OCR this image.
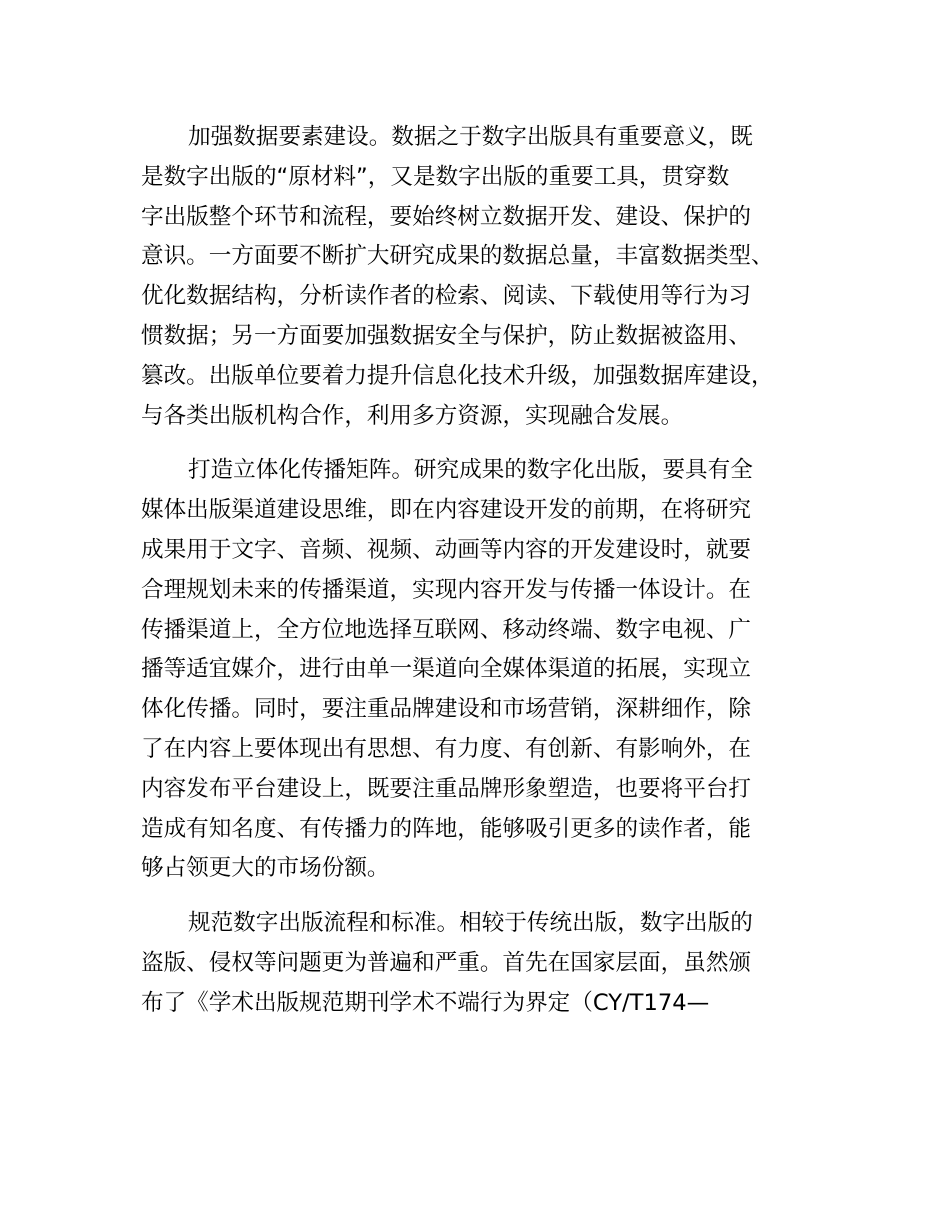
加强数据要素建设。数据之于数字出版具有重要意义，既
是数字出版的“原材料”，又是数字出版的重要工具，贯穿数
字出版整个环节和流程，要始终树立数据开发、建设、保护的
意识。一方面要不断扩大研究成果的数据总量，丰富数据类型、
优化数据结构，分析读作者的检索、阅读、下载使用等行为习
惯数据；另一方面要加强数据安全与保护，防止数据被盗用、
篡改。出版单位要着力提升信息化技术升级，加强数据库建设，
与各类出版机构合作，利用多方资源，实现融合发展。

打造立体化传播矩阵。研究成果的数字化出版，要具有全
媒体出版渠道建设思维，即在内容建设开发的前期，在将研究
成果用于文字、音频、视频、动画等内容的开发建设时，就要
合理规划未来的传播渠道，实现内容开发与传播一体设计。在
传播渠道上，全方位地选择互联网、移动终端、数字电视、广
播等适宜媒介，进行由单一渠道向全媒体渠道的拓展，实现立
体化传播。同时，要注重品牌建设和市场营销，深耕细作，除
了在内容上要体现出有思想、有力度、有创新、有影响外，在
内容发布平台建设上，既要注重品牌形象塑造，也要将平台打
造成有知名度、有传播力的阵地，能够吸引更多的读作者，能
够占领更大的市场份额。

规范数字出版流程和标准。相较于传统出版，数字出版的
盗版、侵权等问题更为普遍和严重。首先在国家层面，虽然颁
布了《学术出版规范期刊学术不端行为界定（CY/T174—
